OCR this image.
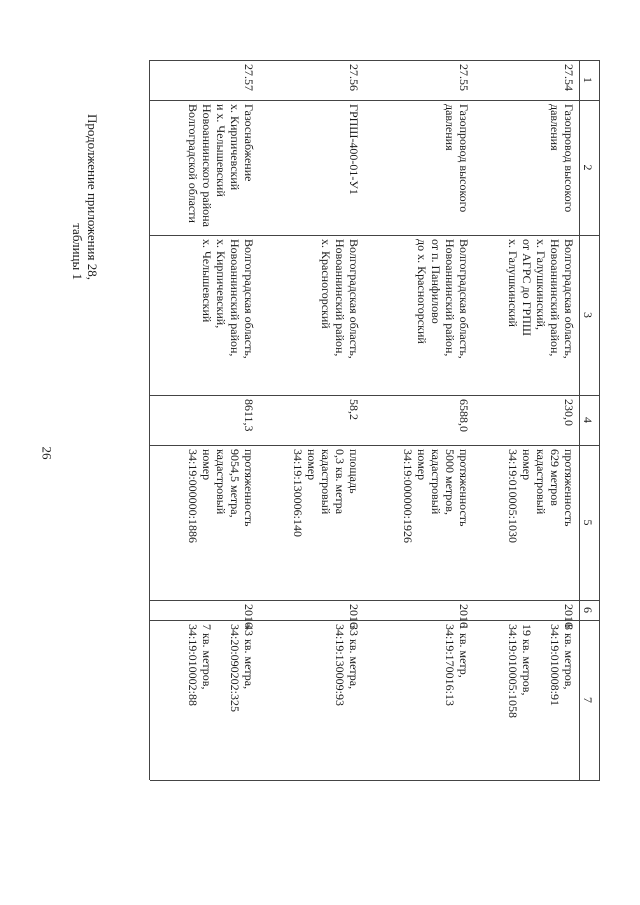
26
Продолжение приложения 28,
таблицы 1
1
2
3
4
5
6
7
27.54
Газопровод высокого
давления
Волгоградская область,
Новоаннинский район,
х. Галушкинский,
от АГРС до ГРПШ
х. Галушкинский
230,0
протяженность
629 метров
кадастровый
номер
34:19:010005:1030
2016
8 кв. метров,
34:19:010008:91

19 кв. метров,
34:19:010005:1058
27.55
Газопровод высокого
давления
Волгоградская область,
Новоаннинский район,
от п. Панфилово
до х. Красногорский
6588,0
протяженность
5000 метров,
кадастровый
номер
34:19:000000:1926
2016
1 кв. метр,
34:19:170016:13
27.56
ГРПШ-400-01-У1
Волгоградская область,
Новоаннинский район,
х. Красногорский
58,2
площадь
0,3 кв. метра
кадастровый
номер
34:19:130006:140
2016
33 кв. метра,
34:19:130009:93
27.57
Газоснабжение
х. Кирпичевский
и х. Челышевский
Новоаннинского района
Волгоградской области
Волгоградская область,
Новоаннинский район,
х. Кирпичевский,
х. Челышевский
8611,3
протяженность
9054,5 метра,
кадастровый
номер
34:19:000000:1886
2016
43 кв. метра,
34:20:090202:325

7 кв. метров,
34:19:010002:88
